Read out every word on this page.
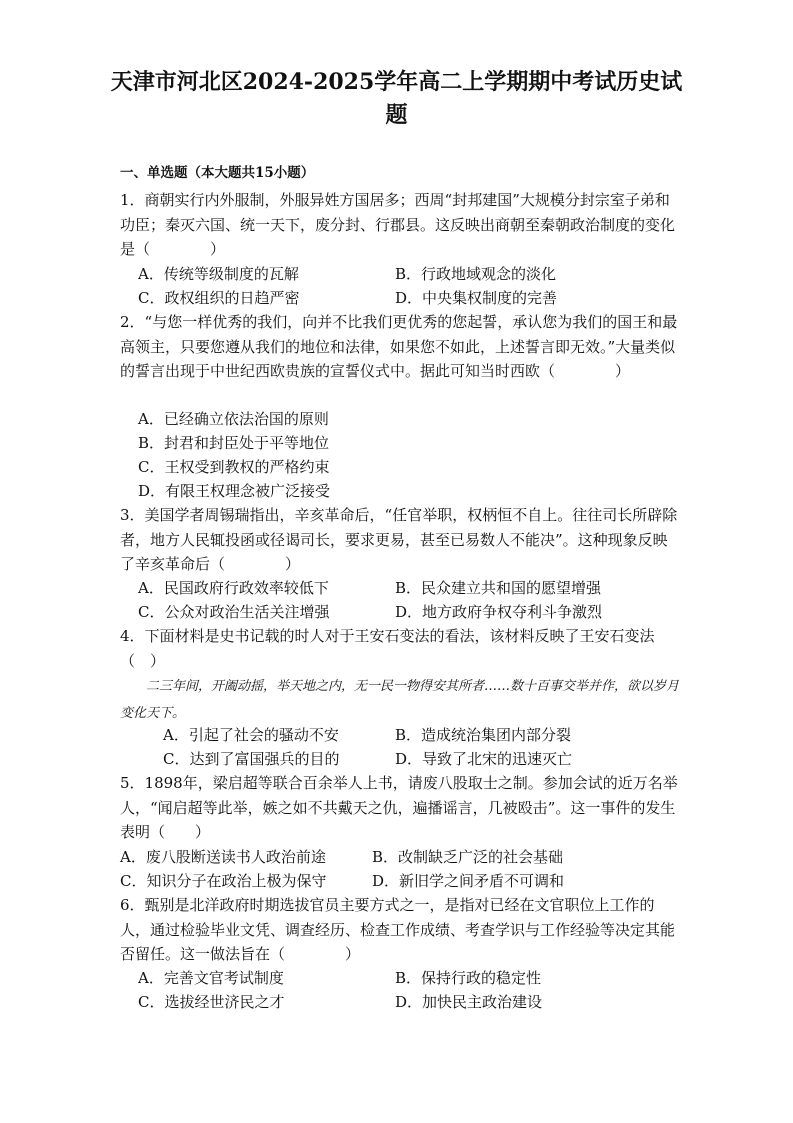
天津市河北区2024-2025学年高二上学期期中考试历史试
题
一、单选题（本大题共15小题）
1．商朝实行内外服制，外服异姓方国居多；西周“封邦建国”大规模分封宗室子弟和功臣；秦灭六国、统一天下，废分封、行郡县。这反映出商朝至秦朝政治制度的变化是（　　　　）
A．传统等级制度的瓦解	B．行政地域观念的淡化
C．政权组织的日趋严密	D．中央集权制度的完善
2．“与您一样优秀的我们，向并不比我们更优秀的您起誓，承认您为我们的国王和最高领主，只要您遵从我们的地位和法律，如果您不如此，上述誓言即无效。”大量类似的誓言出现于中世纪西欧贵族的宣誓仪式中。据此可知当时西欧（　　　　）
A．已经确立依法治国的原则
B．封君和封臣处于平等地位
C．王权受到教权的严格约束
D．有限王权理念被广泛接受
3．美国学者周锡瑞指出，辛亥革命后，“任官举职，权柄恒不自上。往往司长所辟除者，地方人民辄投函或径谒司长，要求更易，甚至已易数人不能决”。这种现象反映了辛亥革命后（　　　　）
A．民国政府行政效率较低下	B．民众建立共和国的愿望增强
C．公众对政治生活关注增强	D．地方政府争权夺利斗争激烈
4．下面材料是史书记载的时人对于王安石变法的看法，该材料反映了王安石变法（　）
二三年间，开阖动摇，举天地之内，无一民一物得安其所者……数十百事交举并作，欲以岁月变化天下。
A．引起了社会的骚动不安	B．造成统治集团内部分裂
C．达到了富国强兵的目的	D．导致了北宋的迅速灭亡
5．1898年，梁启超等联合百余举人上书，请废八股取士之制。参加会试的近万名举人，“闻启超等此举，嫉之如不共戴天之仇，遍播谣言，几被殴击”。这一事件的发生表明（　　）
A．废八股断送读书人政治前途	B．改制缺乏广泛的社会基础
C．知识分子在政治上极为保守	D．新旧学之间矛盾不可调和
6．甄别是北洋政府时期选拔官员主要方式之一，是指对已经在文官职位上工作的人，通过检验毕业文凭、调查经历、检查工作成绩、考查学识与工作经验等决定其能否留任。这一做法旨在（　　　　）
A．完善文官考试制度	B．保持行政的稳定性
C．选拔经世济民之才	D．加快民主政治建设
